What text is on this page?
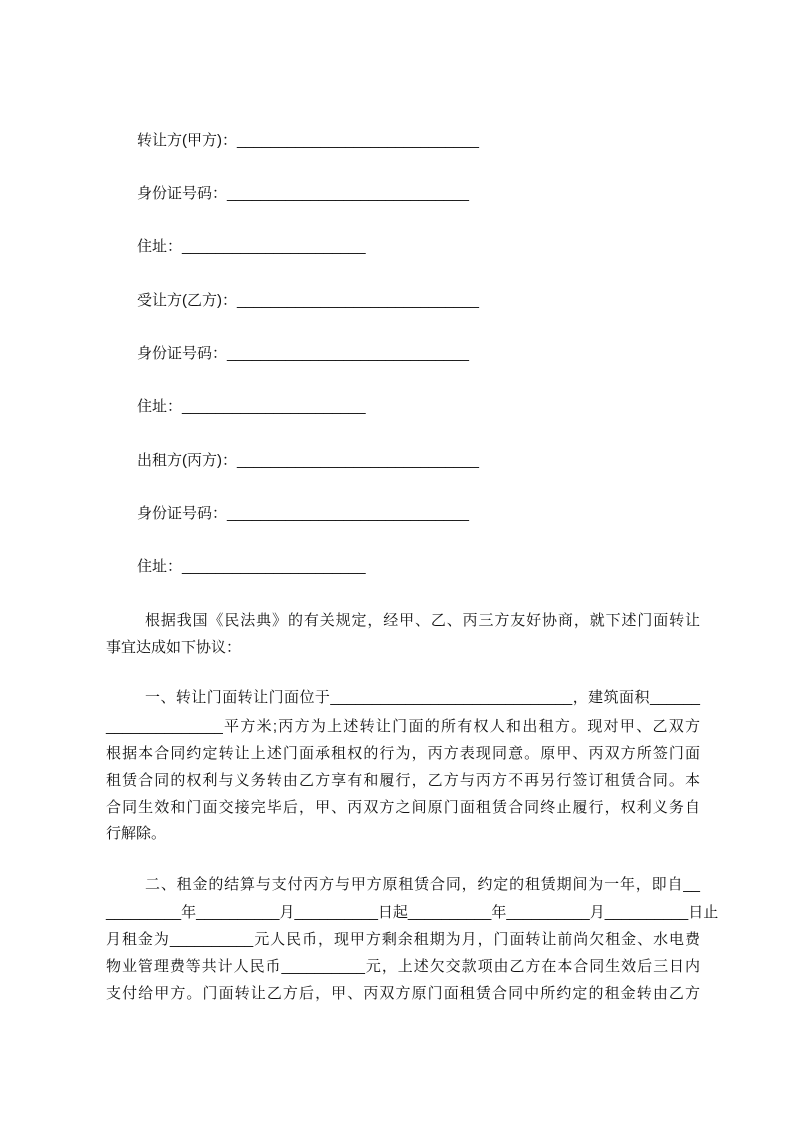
转让方(甲方)：_____________________________
身份证号码：_____________________________
住址：______________________
受让方(乙方)：_____________________________
身份证号码：_____________________________
住址：______________________
出租方(丙方)：_____________________________
身份证号码：_____________________________
住址：______________________
根据我国《民法典》的有关规定，经甲、乙、丙三方友好协商，就下述门面转让
事宜达成如下协议：
一、转让门面转让门面位于_____________________________，建筑面积______
______________平方米;丙方为上述转让门面的所有权人和出租方。现对甲、乙双方
根据本合同约定转让上述门面承租权的行为，丙方表现同意。原甲、丙双方所签门面
租赁合同的权利与义务转由乙方享有和履行，乙方与丙方不再另行签订租赁合同。本
合同生效和门面交接完毕后，甲、丙双方之间原门面租赁合同终止履行，权利义务自
行解除。
二、租金的结算与支付丙方与甲方原租赁合同，约定的租赁期间为一年，即自__
_________年__________月__________日起__________年__________月__________日止
月租金为__________元人民币，现甲方剩余租期为月，门面转让前尚欠租金、水电费
物业管理费等共计人民币__________元，上述欠交款项由乙方在本合同生效后三日内
支付给甲方。门面转让乙方后，甲、丙双方原门面租赁合同中所约定的租金转由乙方
